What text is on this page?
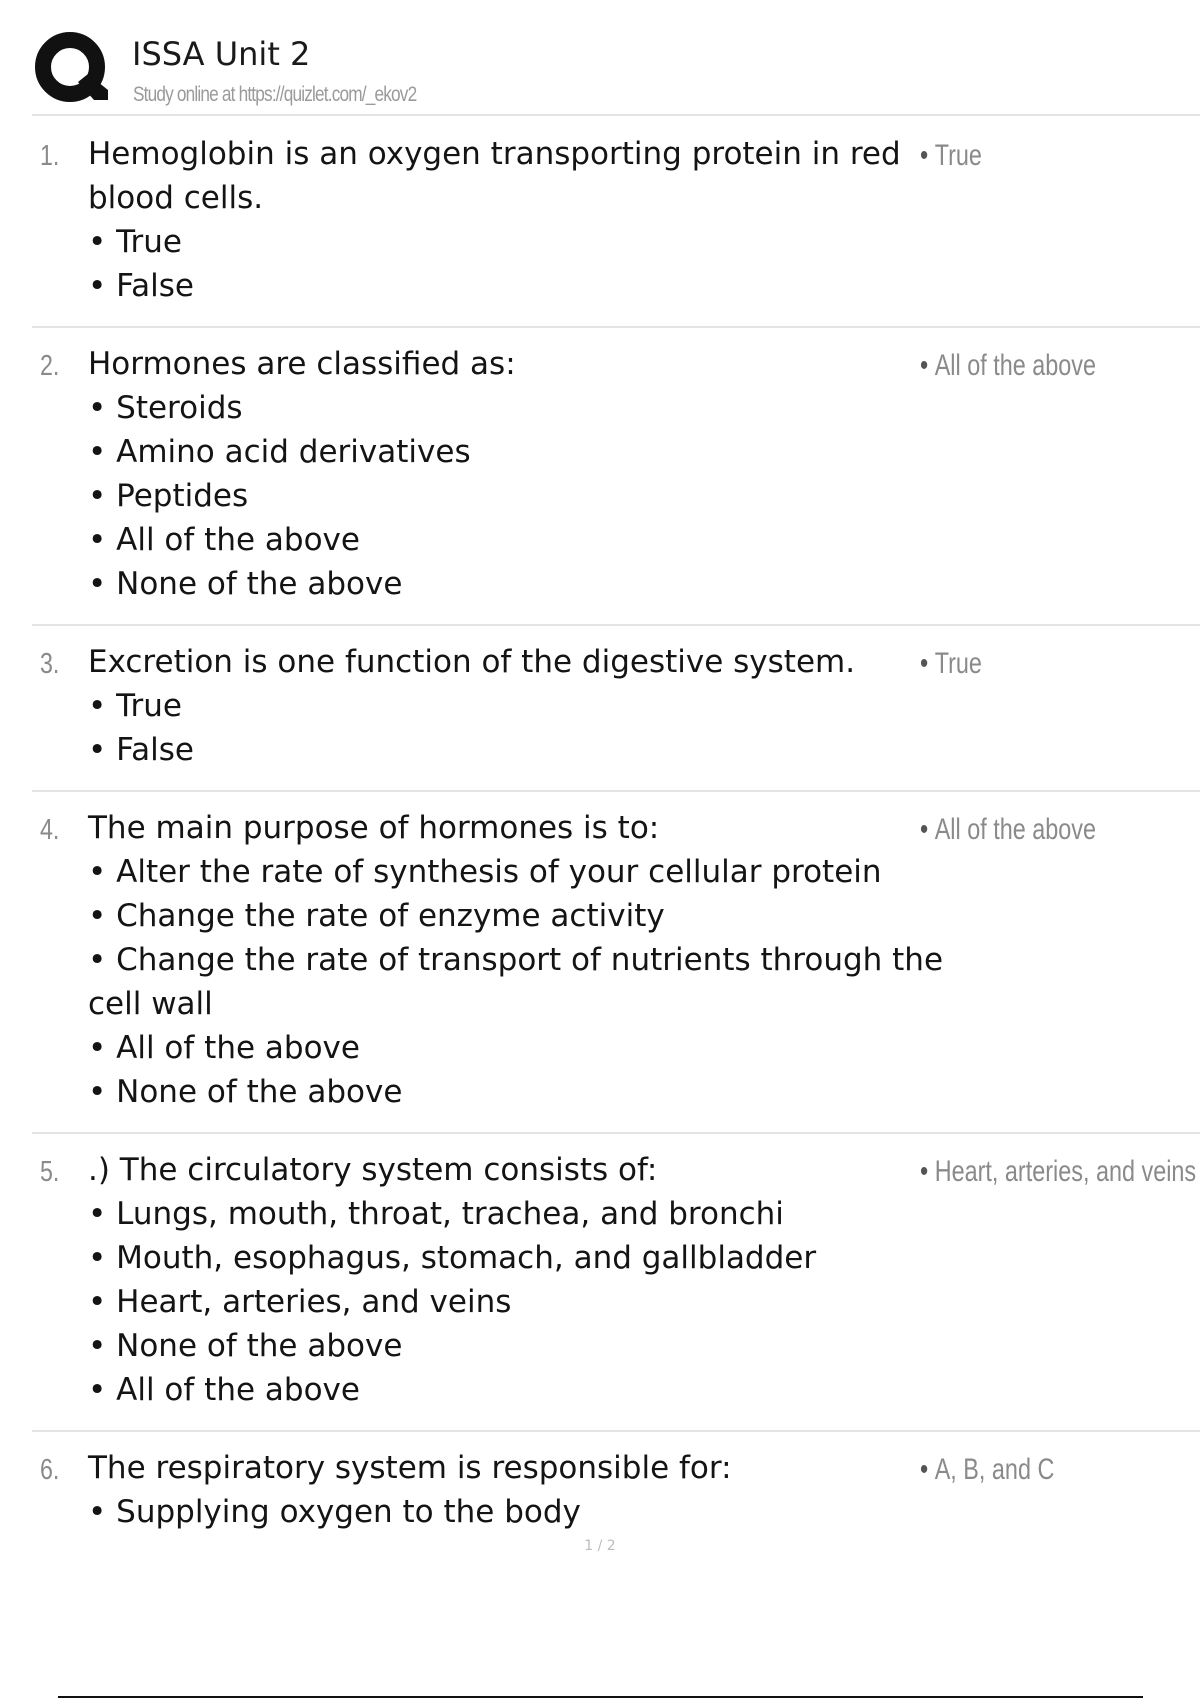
ISSA Unit 2
Study online at https://quizlet.com/_ekov2
1. Hemoglobin is an oxygen transporting protein in red blood cells.
• True
• False
• True
2. Hormones are classified as:
• Steroids
• Amino acid derivatives
• Peptides
• All of the above
• None of the above
• All of the above
3. Excretion is one function of the digestive system.
• True
• False
• True
4. The main purpose of hormones is to:
• Alter the rate of synthesis of your cellular protein
• Change the rate of enzyme activity
• Change the rate of transport of nutrients through the cell wall
• All of the above
• None of the above
• All of the above
5. .) The circulatory system consists of:
• Lungs, mouth, throat, trachea, and bronchi
• Mouth, esophagus, stomach, and gallbladder
• Heart, arteries, and veins
• None of the above
• All of the above
• Heart, arteries, and veins
6. The respiratory system is responsible for:
• Supplying oxygen to the body
• A, B, and C
1 / 2
